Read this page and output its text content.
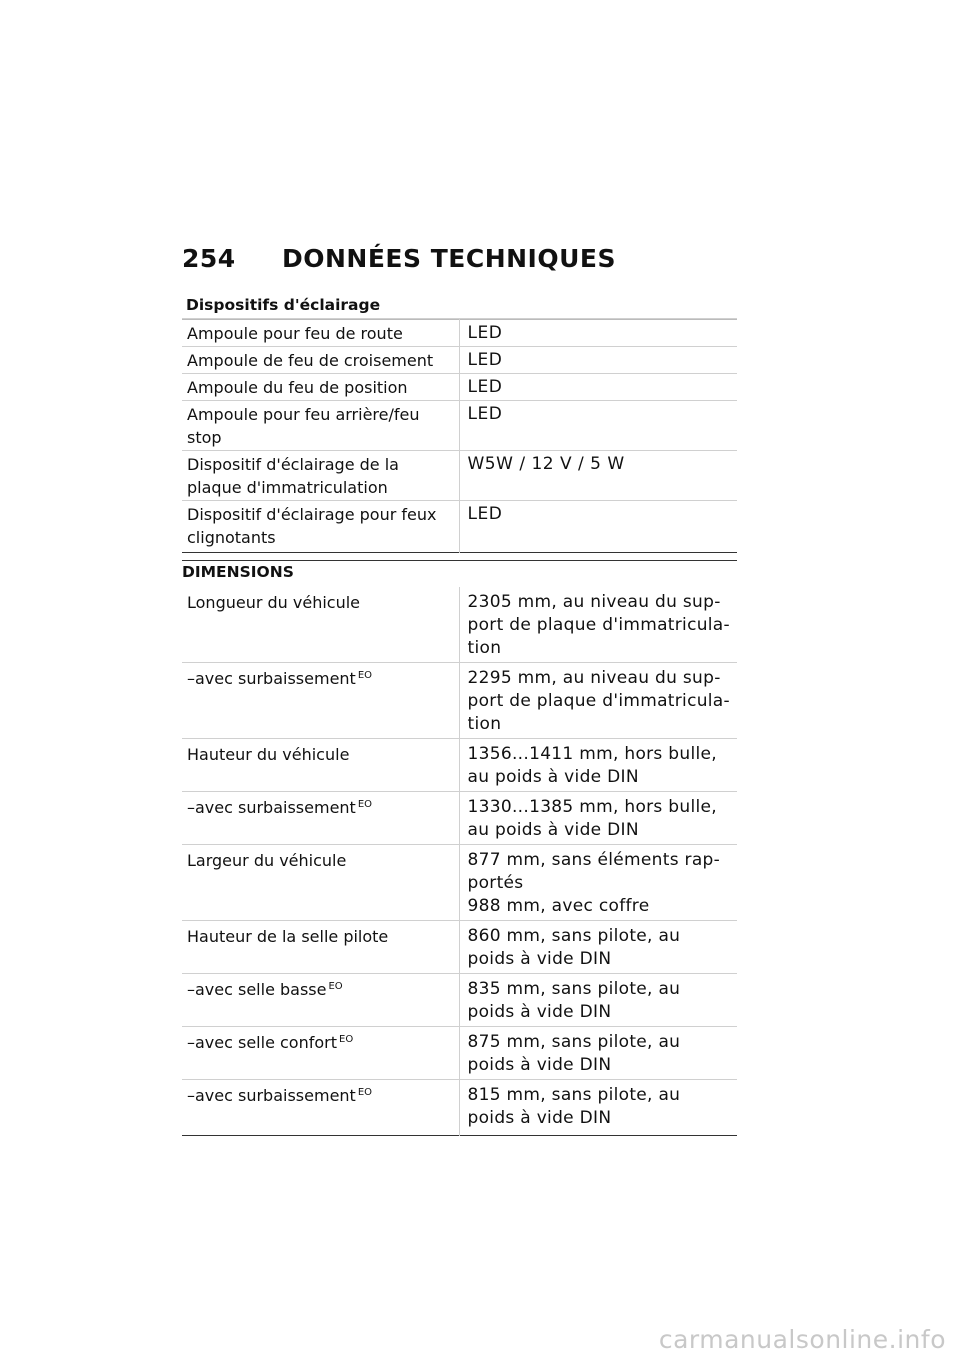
254 DONNÉES TECHNIQUES
Dispositifs d'éclairage
Ampoule pour feu de route	LED
Ampoule de feu de croisement	LED
Ampoule du feu de position	LED
Ampoule pour feu arrière/feu stop	LED
Dispositif d'éclairage de la plaque d'immatriculation	W5W / 12 V / 5 W
Dispositif d'éclairage pour feux clignotants	LED
DIMENSIONS
Longueur du véhicule	2305 mm, au niveau du sup-port de plaque d'immatricula-tion
–avec surbaissement $^{EO}$	2295 mm, au niveau du sup-port de plaque d'immatricula-tion
Hauteur du véhicule	1356...1411 mm, hors bulle, au poids à vide DIN
–avec surbaissement $^{EO}$	1330...1385 mm, hors bulle, au poids à vide DIN
Largeur du véhicule	877 mm, sans éléments rap-portés
988 mm, avec coffre

Hauteur de la selle pilote	860 mm, sans pilote, au poids à vide DIN
–avec selle basse $^{EO}$	835 mm, sans pilote, au poids à vide DIN
–avec selle confort $^{EO}$	875 mm, sans pilote, au poids à vide DIN
–avec surbaissement $^{EO}$	815 mm, sans pilote, au poids à vide DIN
carmanualsonline.info
